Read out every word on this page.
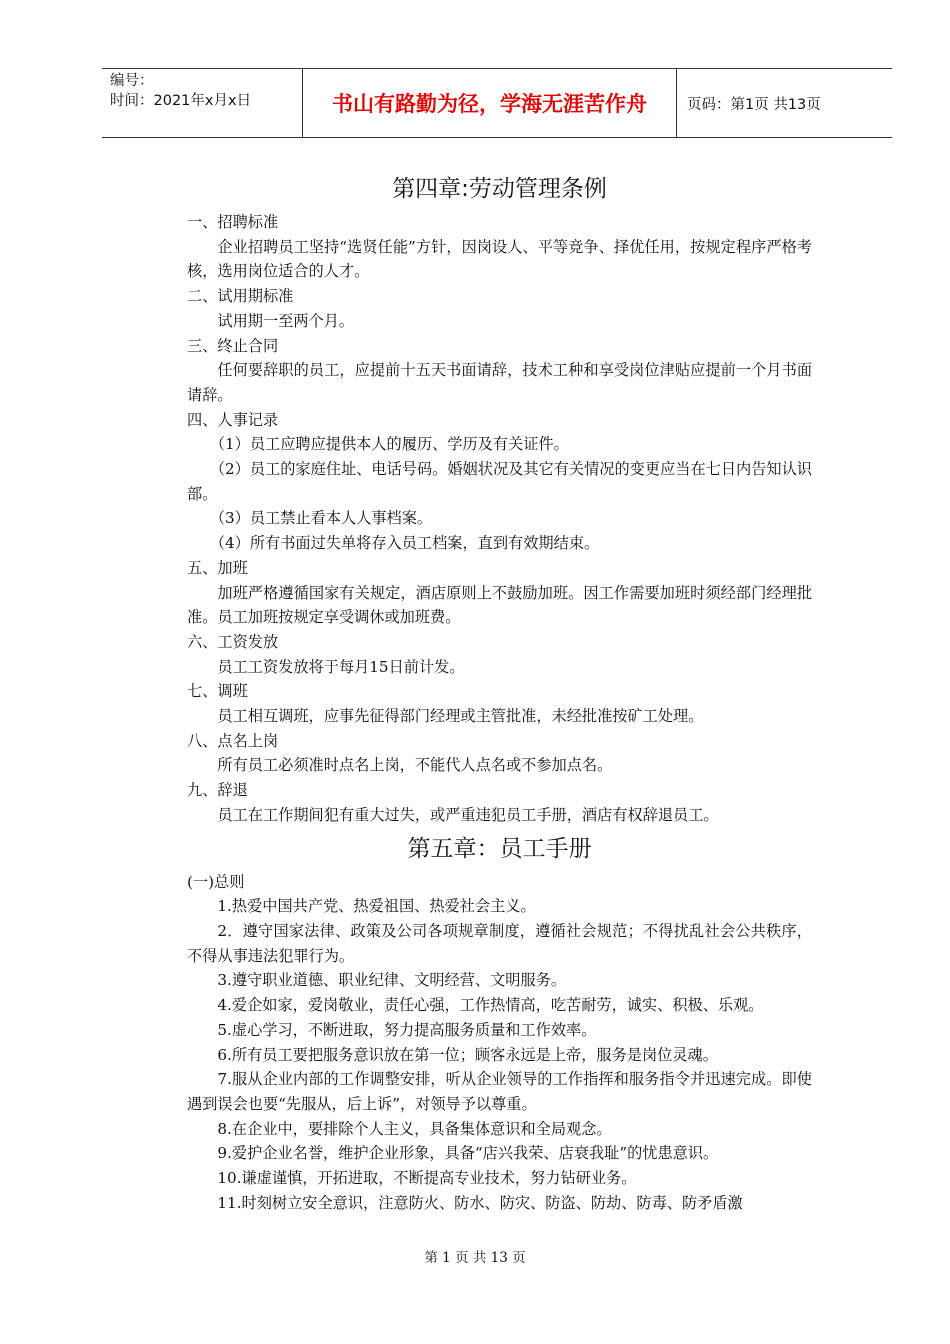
编号：
时间：2021年x月x日	书山有路勤为径，学海无涯苦作舟	页码：第1页 共13页
第四章:劳动管理条例
一、招聘标准
企业招聘员工坚持“选贤任能”方针，因岗设人、平等竞争、择优任用，按规定程序严格考核，选用岗位适合的人才。
二、试用期标准
试用期一至两个月。
三、终止合同
任何要辞职的员工，应提前十五天书面请辞，技术工种和享受岗位津贴应提前一个月书面请辞。
四、人事记录
（1）员工应聘应提供本人的履历、学历及有关证件。
（2）员工的家庭住址、电话号码。婚姻状况及其它有关情况的变更应当在七日内告知认识部。
（3）员工禁止看本人人事档案。
（4）所有书面过失单将存入员工档案，直到有效期结束。
五、加班
加班严格遵循国家有关规定，酒店原则上不鼓励加班。因工作需要加班时须经部门经理批准。员工加班按规定享受调休或加班费。
六、工资发放
员工工资发放将于每月15日前计发。
七、调班
员工相互调班，应事先征得部门经理或主管批准，未经批准按矿工处理。
八、点名上岗
所有员工必须准时点名上岗，不能代人点名或不参加点名。
九、辞退
员工在工作期间犯有重大过失，或严重违犯员工手册，酒店有权辞退员工。
第五章：员工手册
(一)总则
1.热爱中国共产党、热爱祖国、热爱社会主义。
2．遵守国家法律、政策及公司各项规章制度，遵循社会规范；不得扰乱社会公共秩序，不得从事违法犯罪行为。
3.遵守职业道德、职业纪律、文明经营、文明服务。
4.爱企如家，爱岗敬业，责任心强，工作热情高，吃苦耐劳，诚实、积极、乐观。
5.虚心学习，不断进取，努力提高服务质量和工作效率。
6.所有员工要把服务意识放在第一位；顾客永远是上帝，服务是岗位灵魂。
7.服从企业内部的工作调整安排，听从企业领导的工作指挥和服务指令并迅速完成。即使遇到误会也要“先服从，后上诉”，对领导予以尊重。
8.在企业中，要排除个人主义，具备集体意识和全局观念。
9.爱护企业名誉，维护企业形象，具备“店兴我荣、店衰我耻”的忧患意识。
10.谦虚谨慎，开拓进取，不断提高专业技术，努力钻研业务。
11.时刻树立安全意识，注意防火、防水、防灾、防盗、防劫、防毒、防矛盾激
第 1 页 共 13 页
